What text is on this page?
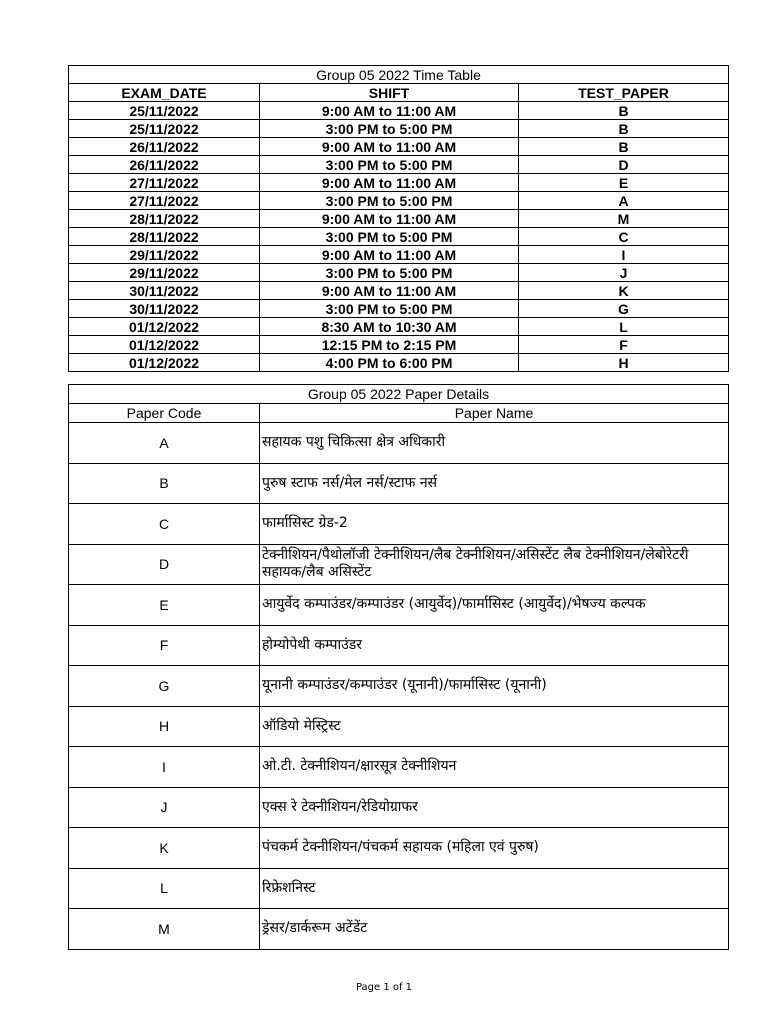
Group 05 2022 Time Table		
EXAM_DATE	SHIFT	TEST_PAPER
25/11/2022	9:00 AM to 11:00 AM	B
25/11/2022	3:00 PM to 5:00 PM	B
26/11/2022	9:00 AM to 11:00 AM	B
26/11/2022	3:00 PM to 5:00 PM	D
27/11/2022	9:00 AM to 11:00 AM	E
27/11/2022	3:00 PM to 5:00 PM	A
28/11/2022	9:00 AM to 11:00 AM	M
28/11/2022	3:00 PM to 5:00 PM	C
29/11/2022	9:00 AM to 11:00 AM	I
29/11/2022	3:00 PM to 5:00 PM	J
30/11/2022	9:00 AM to 11:00 AM	K
30/11/2022	3:00 PM to 5:00 PM	G
01/12/2022	8:30 AM to 10:30 AM	L
01/12/2022	12:15 PM to 2:15 PM	F
01/12/2022	4:00 PM to 6:00 PM	H
Group 05 2022 Paper Details	
Paper Code	Paper Name
A	सहायक पशु चिकित्सा क्षेत्र अधिकारी
B	पुरुष स्टाफ नर्स/मेल नर्स/स्टाफ नर्स
C	फार्मासिस्ट ग्रेड-2
D	टेक्नीशियन/पैथोलॉजी टेक्नीशियन/लैब टेक्नीशियन/असिस्टेंट लैब टेक्नीशियन/लेबोरेटरी सहायक/लैब असिस्टेंट
E	आयुर्वेद कम्पाउंडर/कम्पाउंडर (आयुर्वेद)/फार्मासिस्ट (आयुर्वेद)/भेषज्य कल्पक
F	होम्योपेथी कम्पाउंडर
G	यूनानी कम्पाउंडर/कम्पाउंडर (यूनानी)/फार्मासिस्ट (यूनानी)
H	ऑडियो मेस्ट्रिस्ट
I	ओ.टी. टेक्नीशियन/क्षारसूत्र टेक्नीशियन
J	एक्स रे टेक्नीशियन/रेडियोग्राफर
K	पंचकर्म टेक्नीशियन/पंचकर्म सहायक (महिला एवं पुरुष)
L	रिफ्रेशनिस्ट
M	ड्रेसर/डार्करूम अटेंडेंट
Page 1 of 1
